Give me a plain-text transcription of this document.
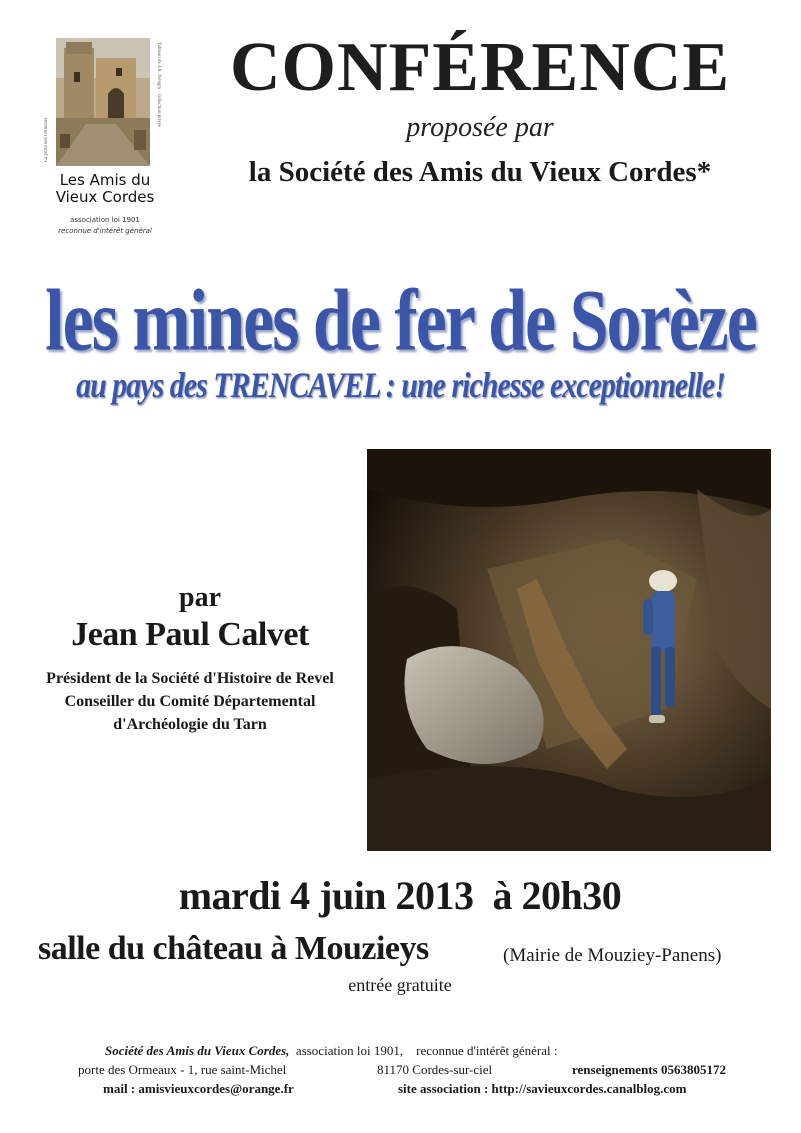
La porte des Ormeaux
Tableau de J.A. Pelegry · collection privée
Les Amis du
Vieux Cordes
association loi 1901
reconnue d'intérêt général
CONFÉRENCE
proposée par
la Société des Amis du Vieux Cordes*
les mines de fer de Sorèze
au pays des TRENCAVEL : une richesse exceptionnelle!
par
Jean Paul Calvet
Président de la Société d'Histoire de Revel
Conseiller du Comité Départemental
d'Archéologie du Tarn
mardi 4 juin 2013  à 20h30
salle du château à Mouzieys	(Mairie de Mouziey-Panens)
entrée gratuite
Société des Amis du Vieux Cordes,  association loi 1901,    reconnue d'intérêt général :
porte des Ormeaux - 1, rue saint-Michel	81170 Cordes-sur-ciel	renseignements 0563805172
mail : amisvieuxcordes@orange.fr	site association : http://savieuxcordes.canalblog.com
